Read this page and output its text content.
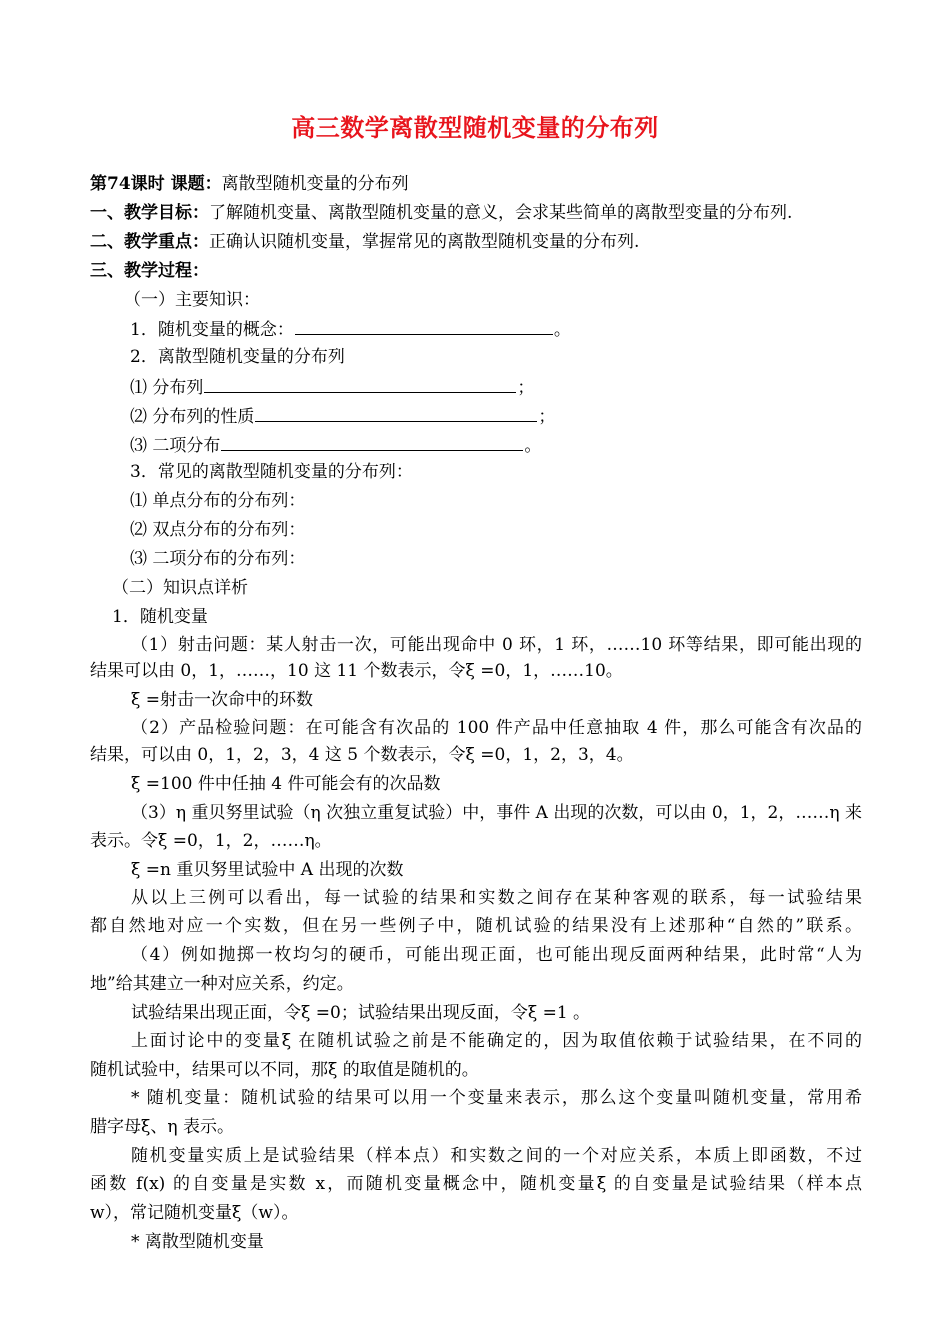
高三数学离散型随机变量的分布列
第74课时 课题：离散型随机变量的分布列
一、教学目标：了解随机变量、离散型随机变量的意义，会求某些简单的离散型变量的分布列.
二、教学重点：正确认识随机变量，掌握常见的离散型随机变量的分布列.
三、教学过程：
（一）主要知识：
1．随机变量的概念：	。
2．离散型随机变量的分布列
⑴ 分布列	；
⑵ 分布列的性质	；
⑶ 二项分布	。
3．常见的离散型随机变量的分布列：
⑴ 单点分布的分布列：
⑵ 双点分布的分布列：
⑶ 二项分布的分布列：
（二）知识点详析
1．随机变量
（1）射击问题：某人射击一次，可能出现命中 0 环，1 环，……10 环等结果，即可能出现的
结果可以由 0，1，……，10 这 11 个数表示，令ξ =0，1，……10。
ξ =射击一次命中的环数
（2）产品检验问题：在可能含有次品的 100 件产品中任意抽取 4 件，那么可能含有次品的
结果，可以由 0，1，2，3，4 这 5 个数表示，令ξ =0，1，2，3，4。
ξ =100 件中任抽 4 件可能会有的次品数
（3）η 重贝努里试验（η 次独立重复试验）中，事件 A 出现的次数，可以由 0，1，2，……η 来
表示。令ξ =0，1，2，……η。
ξ =n 重贝努里试验中 A 出现的次数
从以上三例可以看出，每一试验的结果和实数之间存在某种客观的联系，每一试验结果
都自然地对应一个实数，但在另一些例子中，随机试验的结果没有上述那种“自然的”联系。
（4）例如抛掷一枚均匀的硬币，可能出现正面，也可能出现反面两种结果，此时常“人为
地”给其建立一种对应关系，约定。
试验结果出现正面，令ξ =0；试验结果出现反面，令ξ =1 。
上面讨论中的变量ξ 在随机试验之前是不能确定的，因为取值依赖于试验结果，在不同的
随机试验中，结果可以不同，那ξ 的取值是随机的。
* 随机变量：随机试验的结果可以用一个变量来表示，那么这个变量叫随机变量，常用希
腊字母ξ、η 表示。
随机变量实质上是试验结果（样本点）和实数之间的一个对应关系，本质上即函数，不过
函数 f(x) 的自变量是实数 x，而随机变量概念中，随机变量ξ 的自变量是试验结果（样本点
w），常记随机变量ξ（w）。
* 离散型随机变量
